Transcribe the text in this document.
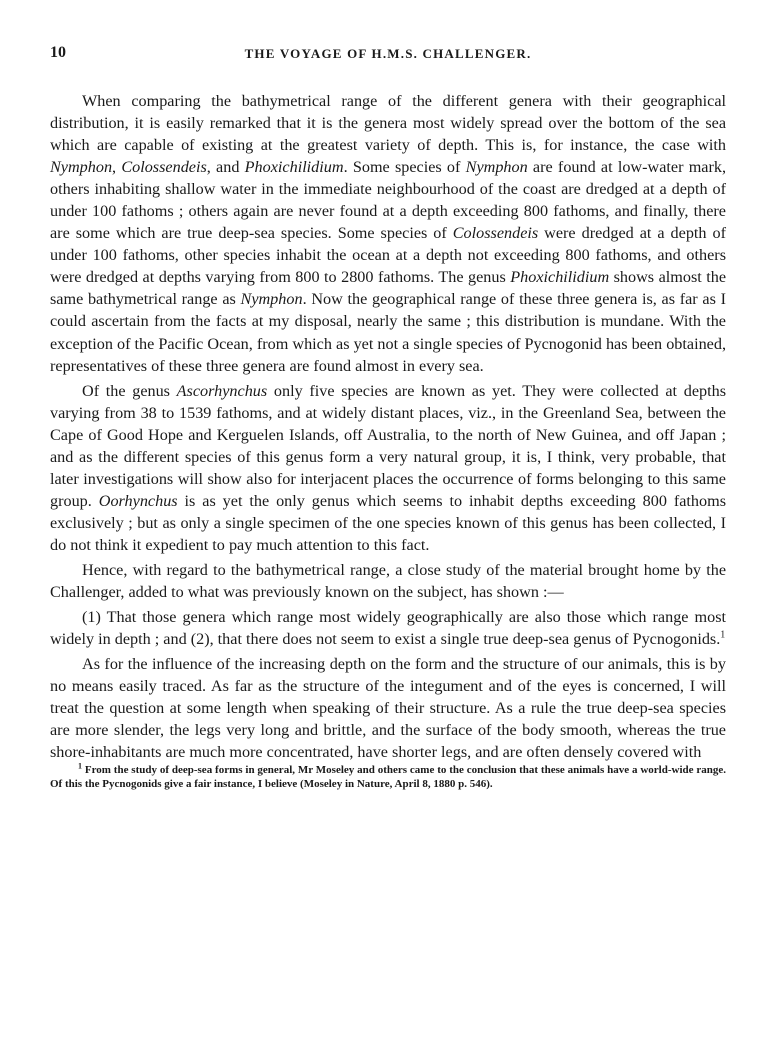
10	THE VOYAGE OF H.M.S. CHALLENGER.

When comparing the bathymetrical range of the different genera with their geographical distribution, it is easily remarked that it is the genera most widely spread over the bottom of the sea which are capable of existing at the greatest variety of depth. This is, for instance, the case with Nymphon, Colossendeis, and Phoxichilidium. Some species of Nymphon are found at low-water mark, others inhabiting shallow water in the immediate neighbourhood of the coast are dredged at a depth of under 100 fathoms ; others again are never found at a depth exceeding 800 fathoms, and finally, there are some which are true deep-sea species. Some species of Colossendeis were dredged at a depth of under 100 fathoms, other species inhabit the ocean at a depth not exceeding 800 fathoms, and others were dredged at depths varying from 800 to 2800 fathoms. The genus Phoxichilidium shows almost the same bathymetrical range as Nymphon. Now the geographical range of these three genera is, as far as I could ascertain from the facts at my disposal, nearly the same ; this distribution is mundane. With the exception of the Pacific Ocean, from which as yet not a single species of Pycnogonid has been obtained, representatives of these three genera are found almost in every sea.

Of the genus Ascorhynchus only five species are known as yet. They were collected at depths varying from 38 to 1539 fathoms, and at widely distant places, viz., in the Greenland Sea, between the Cape of Good Hope and Kerguelen Islands, off Australia, to the north of New Guinea, and off Japan ; and as the different species of this genus form a very natural group, it is, I think, very probable, that later investigations will show also for interjacent places the occurrence of forms belonging to this same group. Oorhynchus is as yet the only genus which seems to inhabit depths exceeding 800 fathoms exclusively ; but as only a single specimen of the one species known of this genus has been collected, I do not think it expedient to pay much attention to this fact.

Hence, with regard to the bathymetrical range, a close study of the material brought home by the Challenger, added to what was previously known on the subject, has shown :—

(1) That those genera which range most widely geographically are also those which range most widely in depth ; and (2), that there does not seem to exist a single true deep-sea genus of Pycnogonids.$^1$

As for the influence of the increasing depth on the form and the structure of our animals, this is by no means easily traced. As far as the structure of the integument and of the eyes is concerned, I will treat the question at some length when speaking of their structure. As a rule the true deep-sea species are more slender, the legs very long and brittle, and the surface of the body smooth, whereas the true shore-inhabitants are much more concentrated, have shorter legs, and are often densely covered with

$^1$ From the study of deep-sea forms in general, Mr Moseley and others came to the conclusion that these animals have a world-wide range. Of this the Pycnogonids give a fair instance, I believe (Moseley in Nature, April 8, 1880 p. 546).
